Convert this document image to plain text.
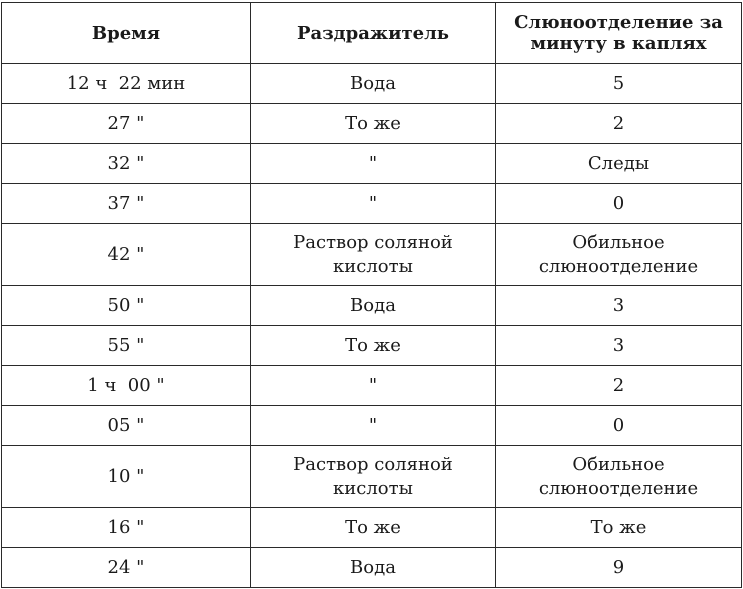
Время	Раздражитель	Слюноотделение за минуту в каплях
12 ч  22 мин	Вода	5
27 "	То же	2
32 "	"	Следы
37 "	"	0
42 "	Раствор соляной кислоты	Обильное слюноотделение
50 "	Вода	3
55 "	То же	3
1 ч  00 "	"	2
05 "	"	0
10 "	Раствор соляной кислоты	Обильное слюноотделение
16 "	То же	То же
24 "	Вода	9
